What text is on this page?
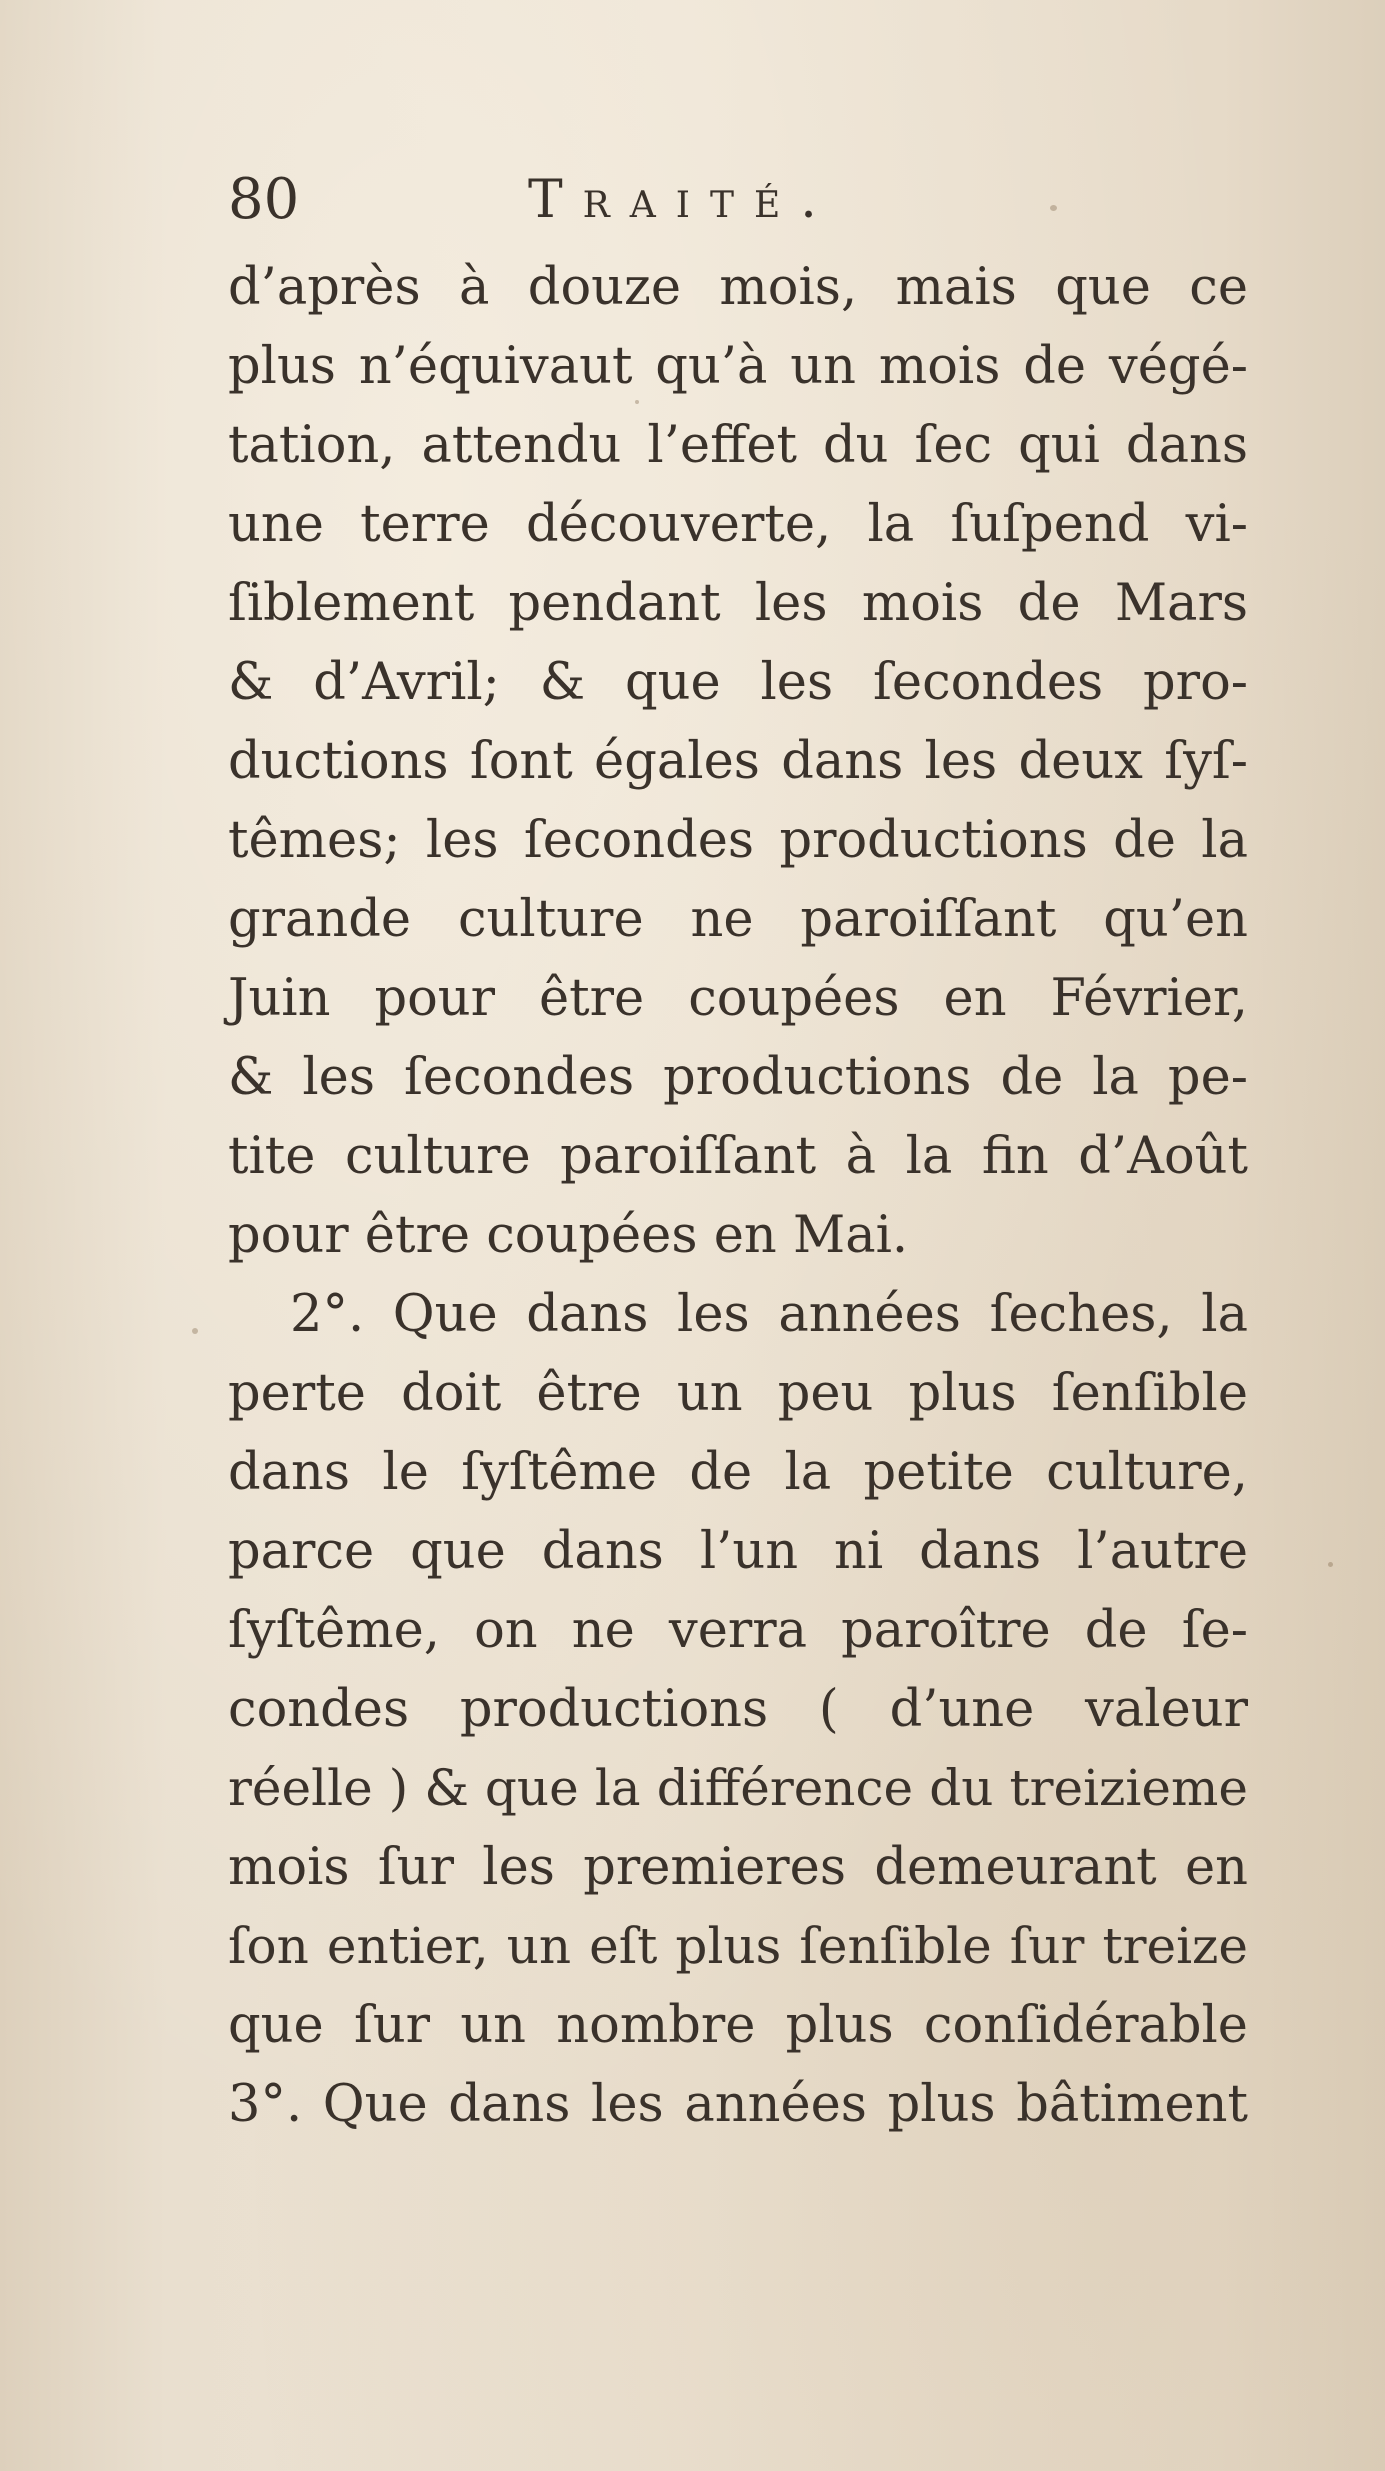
80	Traité.
d’après à douze mois, mais que ce
plus n’équivaut qu’à un mois de végé-
tation, attendu l’effet du ſec qui dans
une terre découverte, la ſuſpend vi-
ſiblement pendant les mois de Mars
& d’Avril; & que les ſecondes pro-
ductions ſont égales dans les deux ſyſ-
têmes; les ſecondes productions de la
grande culture ne paroiſſant qu’en
Juin pour être coupées en Février,
& les ſecondes productions de la pe-
tite culture paroiſſant à la fin d’Août
pour être coupées en Mai.
2°. Que dans les années ſeches, la
perte doit être un peu plus ſenſible
dans le ſyſtême de la petite culture,
parce que dans l’un ni dans l’autre
ſyſtême, on ne verra paroître de ſe-
condes productions ( d’une valeur
réelle ) & que la différence du treizieme
mois ſur les premieres demeurant en
ſon entier, un eſt plus ſenſible ſur treize
que ſur un nombre plus conſidérable
3°. Que dans les années plus bâtiment
